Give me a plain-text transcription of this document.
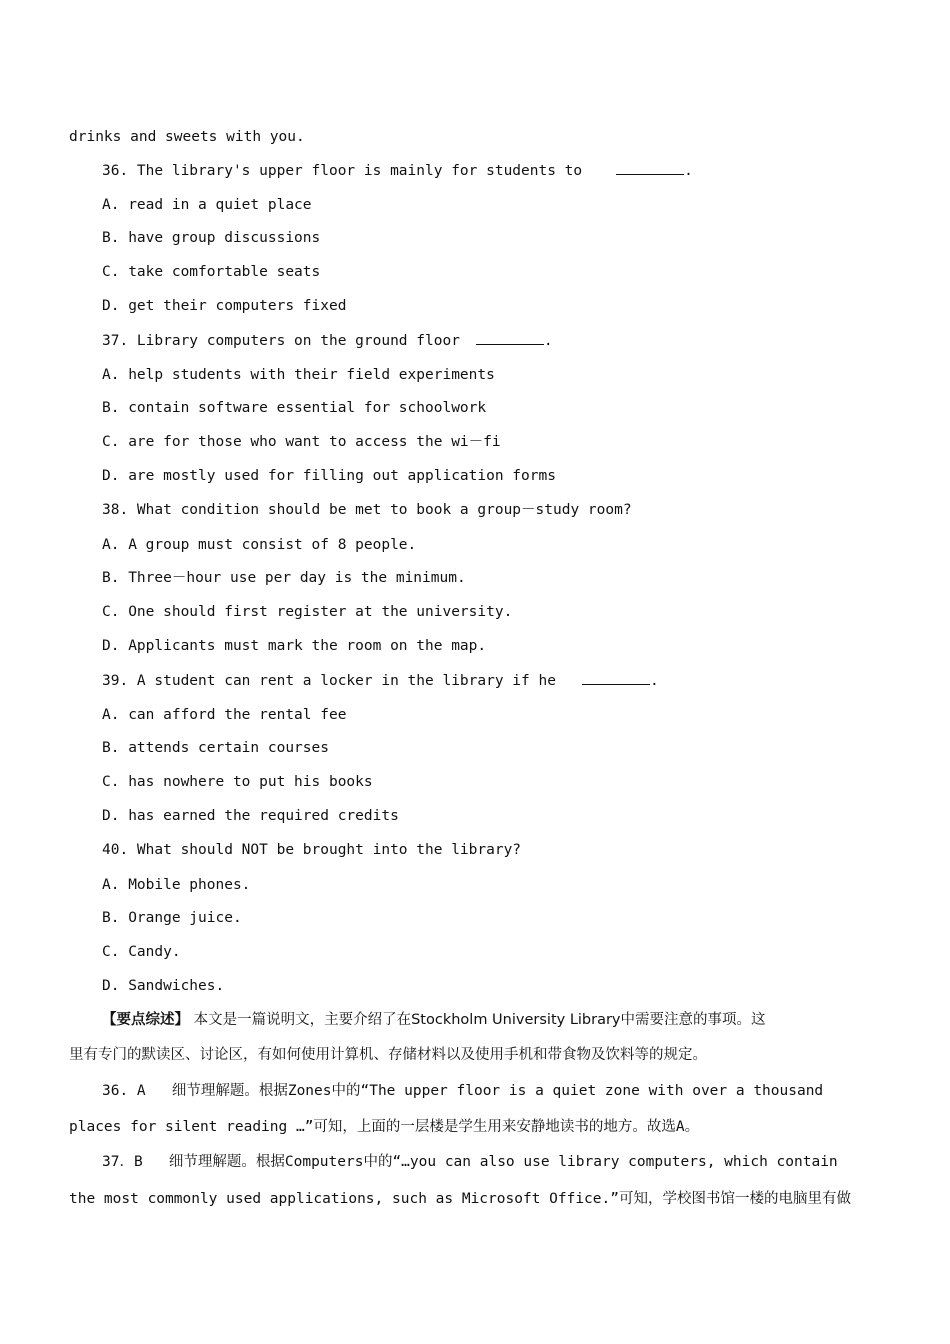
drinks and sweets with you.
36. The library's upper floor is mainly for students to	.
A. read in a quiet place
B. have group discussions
C. take comfortable seats
D. get their computers fixed
37. Library computers on the ground floor	.
A. help students with their field experiments
B. contain software essential for schoolwork
C. are for those who want to access the wi－fi
D. are mostly used for filling out application forms
38. What condition should be met to book a group－study room?
A. A group must consist of 8 people.
B. Three－hour use per day is the minimum.
C. One should first register at the university.
D. Applicants must mark the room on the map.
39. A student can rent a locker in the library if he	.
A. can afford the rental fee
B. attends certain courses
C. has nowhere to put his books
D. has earned the required credits
40. What should NOT be brought into the library?
A. Mobile phones.
B. Orange juice.
C. Candy.
D. Sandwiches.
【要点综述】 本文是一篇说明文，主要介绍了在Stockholm University Library中需要注意的事项。这
里有专门的默读区、讨论区，有如何使用计算机、存储材料以及使用手机和带食物及饮料等的规定。
36. A   细节理解题。根据Zones中的“The upper floor is a quiet zone with over a thousand
places for silent reading …”可知，上面的一层楼是学生用来安静地读书的地方。故选A。
37．B   细节理解题。根据Computers中的“…you can also use library computers, which contain
the most commonly used applications, such as Microsoft Office.”可知，学校图书馆一楼的电脑里有做
